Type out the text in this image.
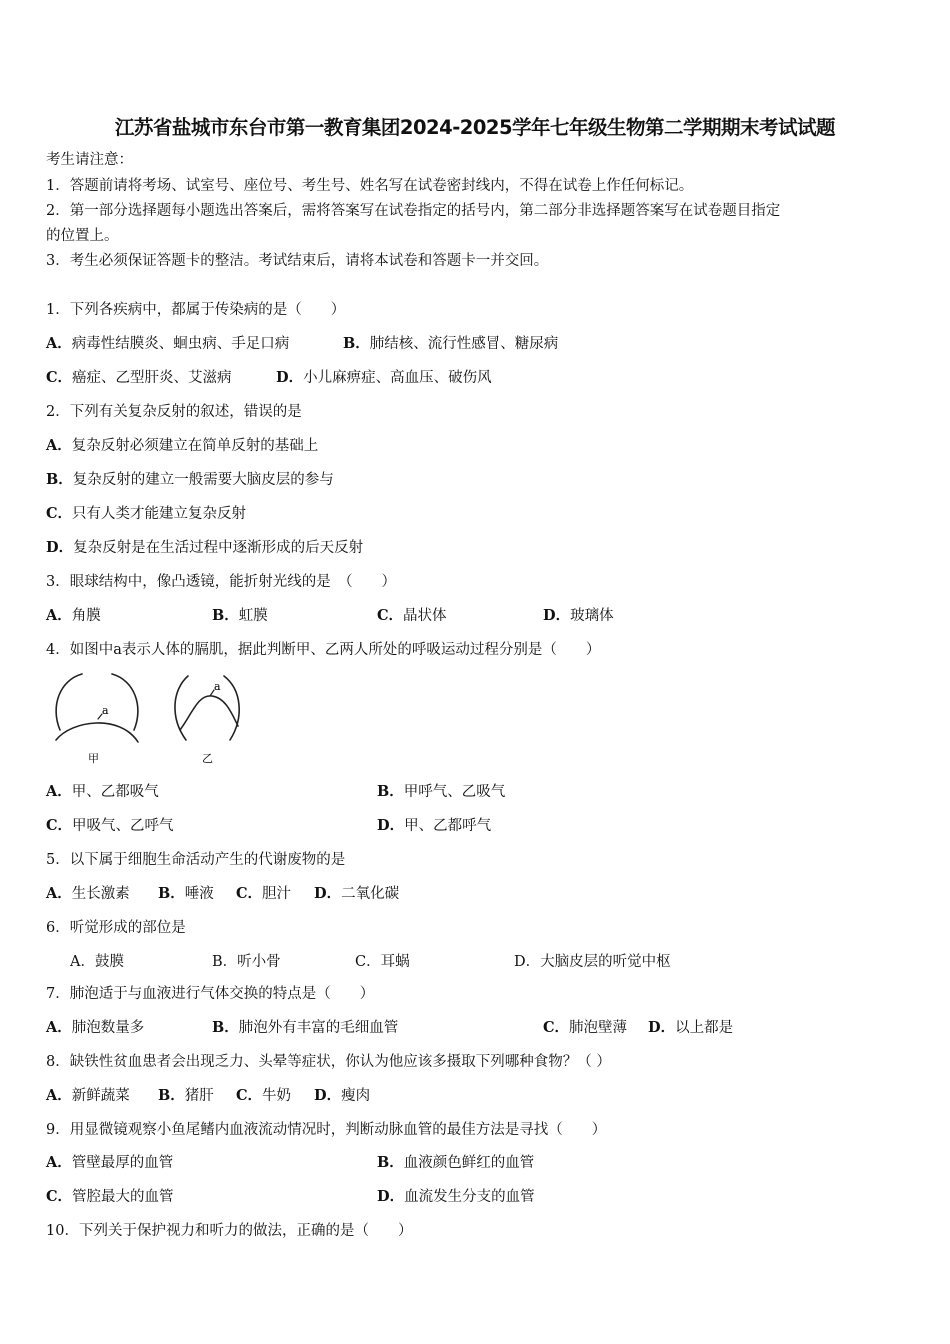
江苏省盐城市东台市第一教育集团2024-2025学年七年级生物第二学期期末考试试题
考生请注意：
1．答题前请将考场、试室号、座位号、考生号、姓名写在试卷密封线内，不得在试卷上作任何标记。
2．第一部分选择题每小题选出答案后，需将答案写在试卷指定的括号内，第二部分非选择题答案写在试卷题目指定
的位置上。
3．考生必须保证答题卡的整洁。考试结束后，请将本试卷和答题卡一并交回。
1．下列各疾病中，都属于传染病的是（　　）
A．病毒性结膜炎、蛔虫病、手足口病	B．肺结核、流行性感冒、糖尿病
C．癌症、乙型肝炎、艾滋病	D．小儿麻痹症、高血压、破伤风
2．下列有关复杂反射的叙述，错误的是
A．复杂反射必须建立在简单反射的基础上
B．复杂反射的建立一般需要大脑皮层的参与
C．只有人类才能建立复杂反射
D．复杂反射是在生活过程中逐渐形成的后天反射
3．眼球结构中，像凸透镜，能折射光线的是　（　　）
A．角膜	B．虹膜	C．晶状体	D．玻璃体
4．如图中a表示人体的膈肌，据此判断甲、乙两人所处的呼吸运动过程分别是（　　）
a
a
甲	乙
A．甲、乙都吸气	B．甲呼气、乙吸气
C．甲吸气、乙呼气	D．甲、乙都呼气
5．以下属于细胞生命活动产生的代谢废物的是
A．生长激素 B．唾液 C．胆汁 D．二氧化碳
6．听觉形成的部位是
A．鼓膜	B．听小骨	C．耳蜗	D．大脑皮层的听觉中枢
7．肺泡适于与血液进行气体交换的特点是（　　）
A．肺泡数量多	B．肺泡外有丰富的毛细血管	C．肺泡壁薄 D．以上都是
8．缺铁性贫血患者会出现乏力、头晕等症状，你认为他应该多摄取下列哪种食物？（ ）
A．新鲜蔬菜 B．猪肝 C．牛奶 D．瘦肉
9．用显微镜观察小鱼尾鳍内血液流动情况时，判断动脉血管的最佳方法是寻找（　　）
A．管壁最厚的血管	B．血液颜色鲜红的血管
C．管腔最大的血管	D．血流发生分支的血管
10．下列关于保护视力和听力的做法，正确的是（　　）
